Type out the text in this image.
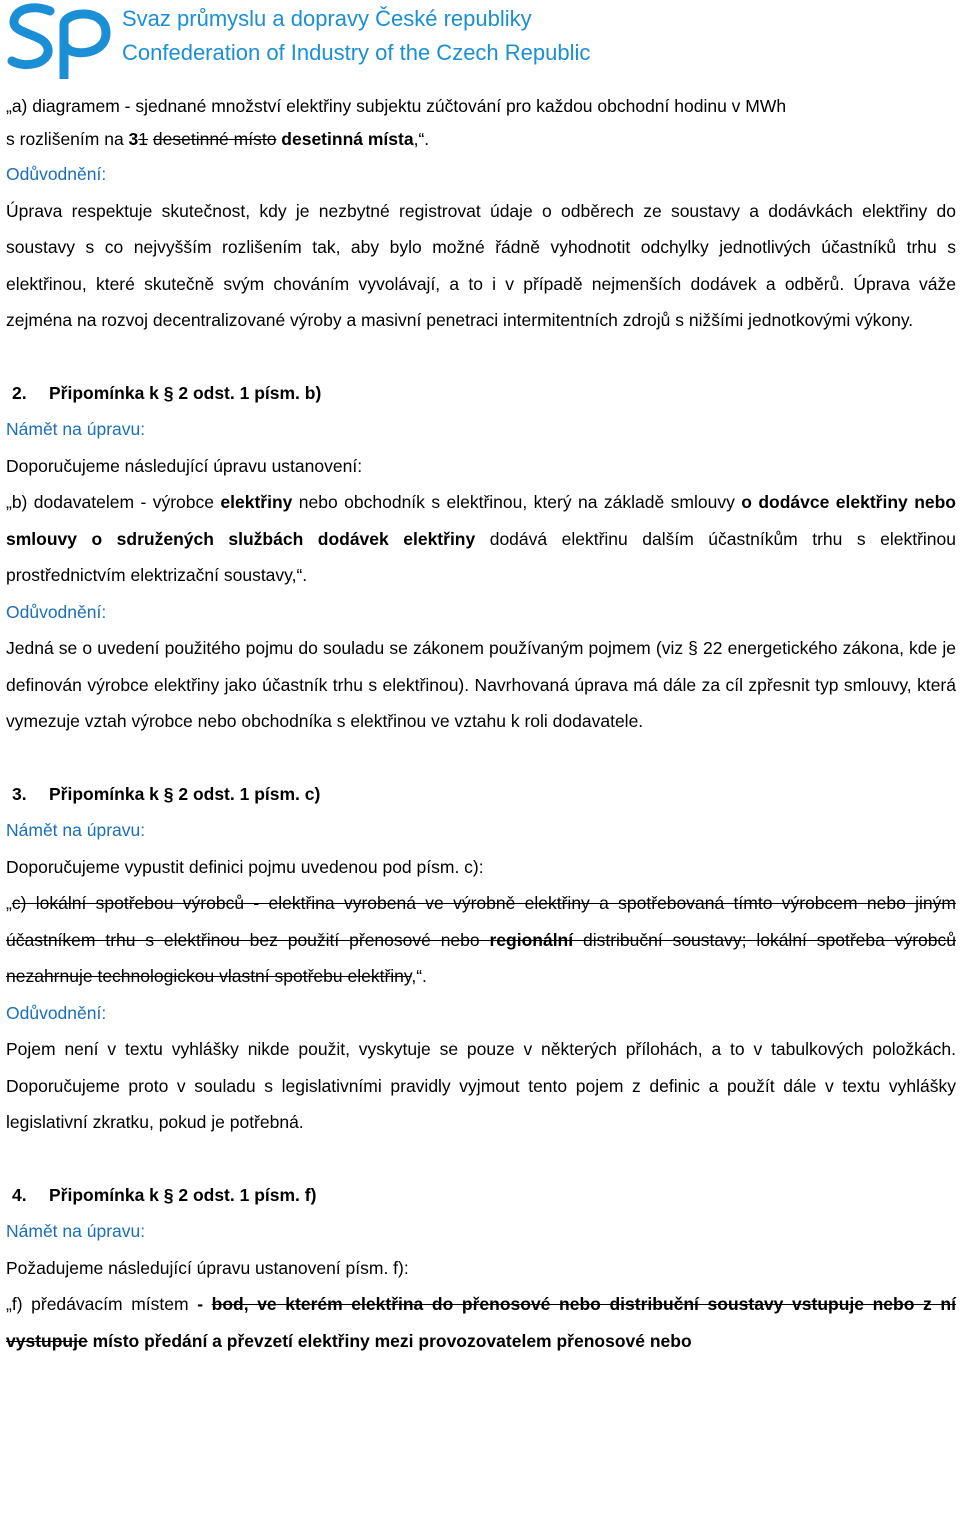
Svaz průmyslu a dopravy České republiky
Confederation of Industry of the Czech Republic
„a) diagramem - sjednané množství elektřiny subjektu zúčtování pro každou obchodní hodinu v MWh
s rozlišením na 31 desetinné místo desetinná místa,“.
Odůvodnění:
Úprava respektuje skutečnost, kdy je nezbytné registrovat údaje o odběrech ze soustavy a dodávkách elektřiny do soustavy s co nejvyšším rozlišením tak, aby bylo možné řádně vyhodnotit odchylky jednotlivých účastníků trhu s elektřinou, které skutečně svým chováním vyvolávají, a to i v případě nejmenších dodávek a odběrů. Úprava váže zejména na rozvoj decentralizované výroby a masivní penetraci intermitentních zdrojů s nižšími jednotkovými výkony.
2. Připomínka k § 2 odst. 1 písm. b)
Námět na úpravu:
Doporučujeme následující úpravu ustanovení:
„b) dodavatelem - výrobce elektřiny nebo obchodník s elektřinou, který na základě smlouvy o dodávce elektřiny nebo smlouvy o sdružených službách dodávek elektřiny dodává elektřinu dalším účastníkům trhu s elektřinou prostřednictvím elektrizační soustavy,“.
Odůvodnění:
Jedná se o uvedení použitého pojmu do souladu se zákonem používaným pojmem (viz § 22 energetického zákona, kde je definován výrobce elektřiny jako účastník trhu s elektřinou). Navrhovaná úprava má dále za cíl zpřesnit typ smlouvy, která vymezuje vztah výrobce nebo obchodníka s elektřinou ve vztahu k roli dodavatele.
3. Připomínka k § 2 odst. 1 písm. c)
Námět na úpravu:
Doporučujeme vypustit definici pojmu uvedenou pod písm. c):
„c) lokální spotřebou výrobců - elektřina vyrobená ve výrobně elektřiny a spotřebovaná tímto výrobcem nebo jiným účastníkem trhu s elektřinou bez použití přenosové nebo regionální distribuční soustavy; lokální spotřeba výrobců nezahrnuje technologickou vlastní spotřebu elektřiny,“.
Odůvodnění:
Pojem není v textu vyhlášky nikde použit, vyskytuje se pouze v některých přílohách, a to v tabulkových položkách. Doporučujeme proto v souladu s legislativními pravidly vyjmout tento pojem z definic a použít dále v textu vyhlášky legislativní zkratku, pokud je potřebná.
4. Připomínka k § 2 odst. 1 písm. f)
Námět na úpravu:
Požadujeme následující úpravu ustanovení písm. f):
„f) předávacím místem - bod, ve kterém elektřina do přenosové nebo distribuční soustavy vstupuje nebo z ní vystupuje místo předání a převzetí elektřiny mezi provozovatelem přenosové nebo
